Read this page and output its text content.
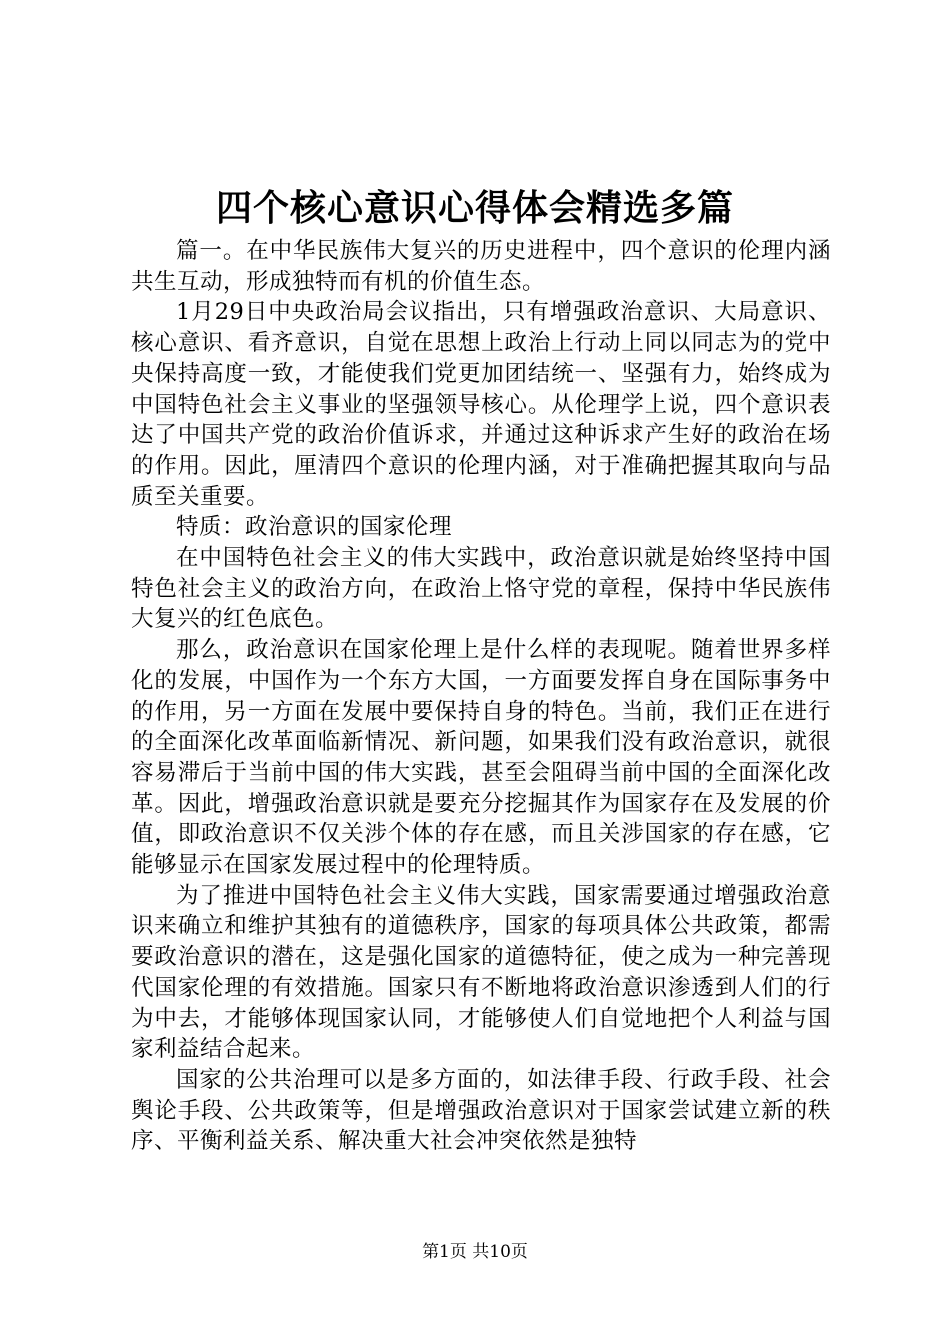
四个核心意识心得体会精选多篇

篇一。在中华民族伟大复兴的历史进程中，四个意识的伦理内涵共生互动，形成独特而有机的价值生态。

1月29日中央政治局会议指出，只有增强政治意识、大局意识、核心意识、看齐意识，自觉在思想上政治上行动上同以同志为的党中央保持高度一致，才能使我们党更加团结统一、坚强有力，始终成为中国特色社会主义事业的坚强领导核心。从伦理学上说，四个意识表达了中国共产党的政治价值诉求，并通过这种诉求产生好的政治在场的作用。因此，厘清四个意识的伦理内涵，对于准确把握其取向与品质至关重要。

特质：政治意识的国家伦理

在中国特色社会主义的伟大实践中，政治意识就是始终坚持中国特色社会主义的政治方向，在政治上恪守党的章程，保持中华民族伟大复兴的红色底色。

那么，政治意识在国家伦理上是什么样的表现呢。随着世界多样化的发展，中国作为一个东方大国，一方面要发挥自身在国际事务中的作用，另一方面在发展中要保持自身的特色。当前，我们正在进行的全面深化改革面临新情况、新问题，如果我们没有政治意识，就很容易滞后于当前中国的伟大实践，甚至会阻碍当前中国的全面深化改革。因此，增强政治意识就是要充分挖掘其作为国家存在及发展的价值，即政治意识不仅关涉个体的存在感，而且关涉国家的存在感，它能够显示在国家发展过程中的伦理特质。

为了推进中国特色社会主义伟大实践，国家需要通过增强政治意识来确立和维护其独有的道德秩序，国家的每项具体公共政策，都需要政治意识的潜在，这是强化国家的道德特征，使之成为一种完善现代国家伦理的有效措施。国家只有不断地将政治意识渗透到人们的行为中去，才能够体现国家认同，才能够使人们自觉地把个人利益与国家利益结合起来。

国家的公共治理可以是多方面的，如法律手段、行政手段、社会舆论手段、公共政策等，但是增强政治意识对于国家尝试建立新的秩序、平衡利益关系、解决重大社会冲突依然是独特

第1页 共10页
